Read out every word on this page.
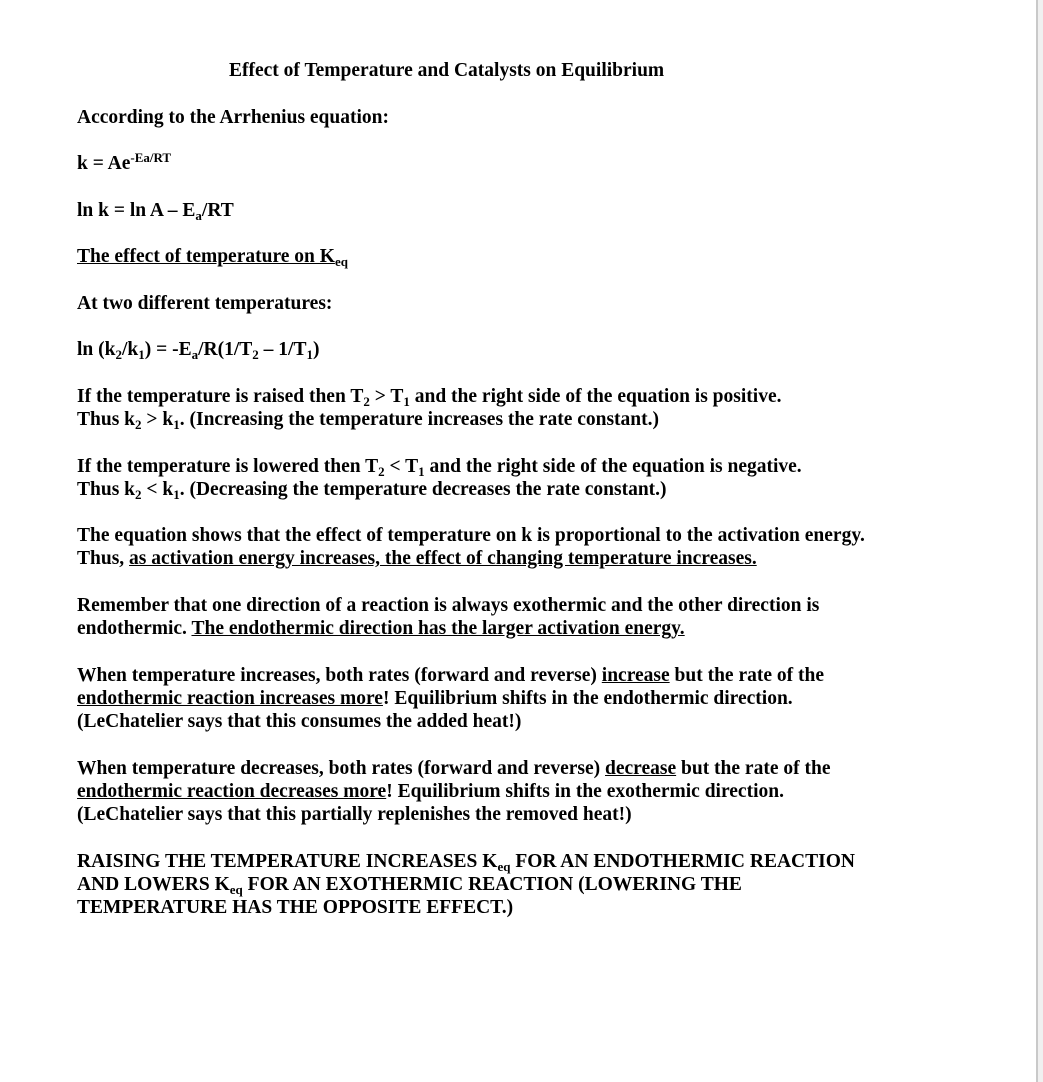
Effect of Temperature and Catalysts on Equilibrium
According to the Arrhenius equation:
$k = Ae^{-Ea/RT}$
$\ln k = \ln A - E_a/RT$
The effect of temperature on $K_{eq}$
At two different temperatures:
$\ln (k_2/k_1) = -E_a/R(1/T_2 - 1/T_1)$
If the temperature is raised then $T_2 > T_1$ and the right side of the equation is positive.
Thus $k_2 > k_1$. (Increasing the temperature increases the rate constant.)
If the temperature is lowered then $T_2 < T_1$ and the right side of the equation is negative.
Thus $k_2 < k_1$. (Decreasing the temperature decreases the rate constant.)
The equation shows that the effect of temperature on k is proportional to the activation energy.
Thus, as activation energy increases, the effect of changing temperature increases.
Remember that one direction of a reaction is always exothermic and the other direction is
endothermic. The endothermic direction has the larger activation energy.
When temperature increases, both rates (forward and reverse) increase but the rate of the
endothermic reaction increases more! Equilibrium shifts in the endothermic direction.
(LeChatelier says that this consumes the added heat!)
When temperature decreases, both rates (forward and reverse) decrease but the rate of the
endothermic reaction decreases more! Equilibrium shifts in the exothermic direction.
(LeChatelier says that this partially replenishes the removed heat!)
RAISING THE TEMPERATURE INCREASES $K_{eq}$ FOR AN ENDOTHERMIC REACTION
AND LOWERS $K_{eq}$ FOR AN EXOTHERMIC REACTION (LOWERING THE
TEMPERATURE HAS THE OPPOSITE EFFECT.)
